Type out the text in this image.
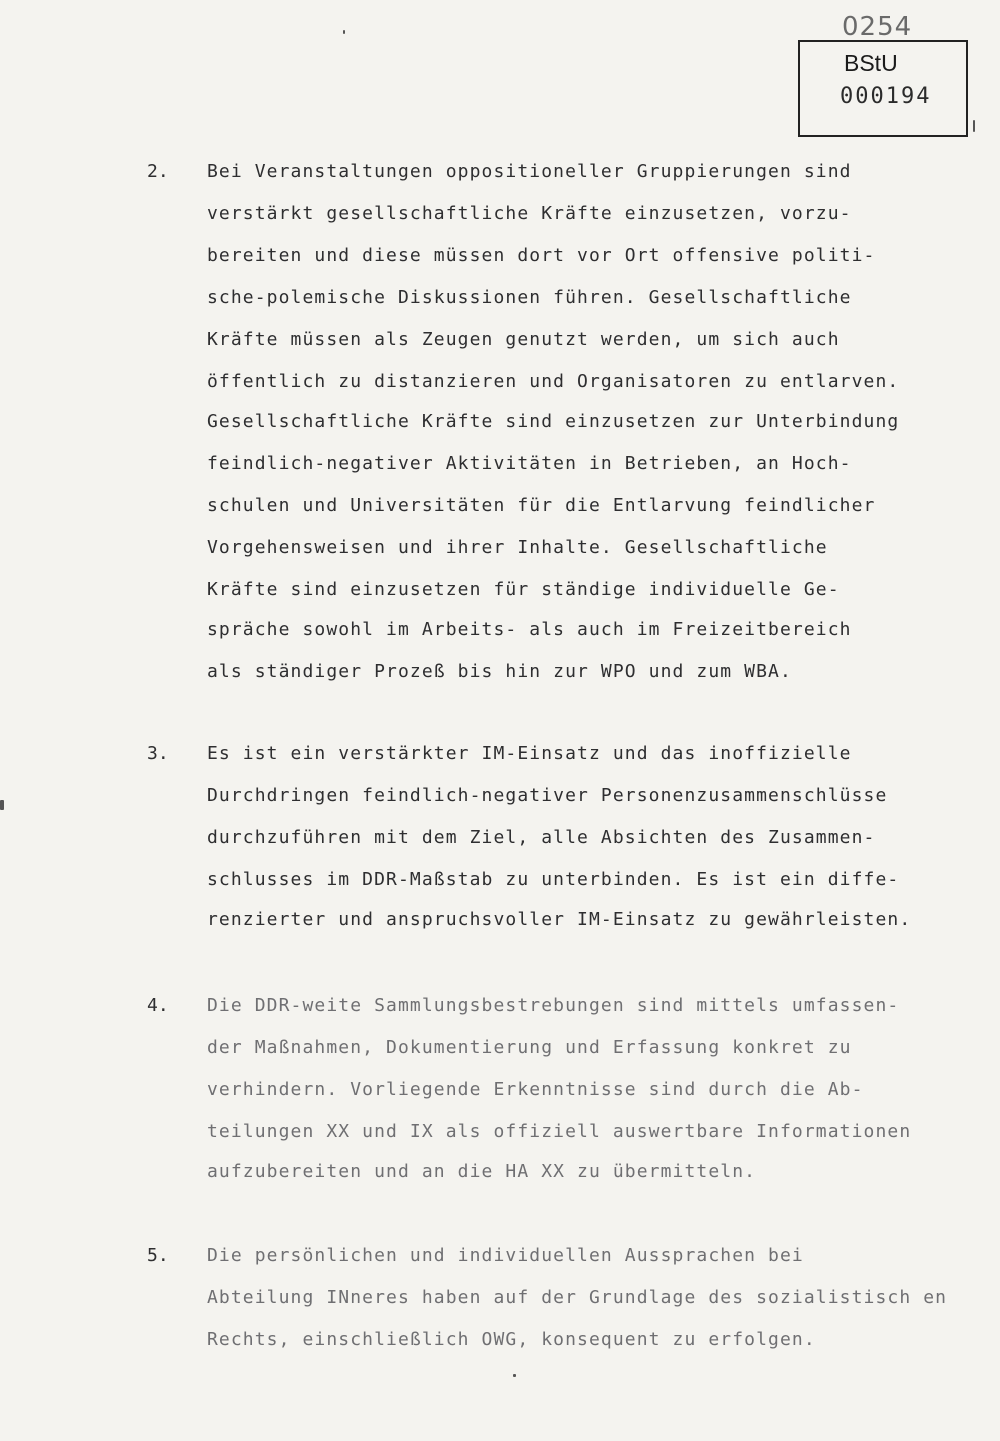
0254
BStU
000194
2. Bei Veranstaltungen oppositioneller Gruppierungen sind
verstärkt gesellschaftliche Kräfte einzusetzen, vorzu-
bereiten und diese müssen dort vor Ort offensive politi-
sche-polemische Diskussionen führen. Gesellschaftliche
Kräfte müssen als Zeugen genutzt werden, um sich auch
öffentlich zu distanzieren und Organisatoren zu entlarven.
Gesellschaftliche Kräfte sind einzusetzen zur Unterbindung
feindlich-negativer Aktivitäten in Betrieben, an Hoch-
schulen und Universitäten für die Entlarvung feindlicher
Vorgehensweisen und ihrer Inhalte. Gesellschaftliche
Kräfte sind einzusetzen für ständige individuelle Ge-
spräche sowohl im Arbeits- als auch im Freizeitbereich
als ständiger Prozeß bis hin zur WPO und zum WBA.
3. Es ist ein verstärkter IM-Einsatz und das inoffizielle
Durchdringen feindlich-negativer Personenzusammenschlüsse
durchzuführen mit dem Ziel, alle Absichten des Zusammen-
schlusses im DDR-Maßstab zu unterbinden. Es ist ein diffe-
renzierter und anspruchsvoller IM-Einsatz zu gewährleisten.
4. Die DDR-weite Sammlungsbestrebungen sind mittels umfassen-
der Maßnahmen, Dokumentierung und Erfassung konkret zu
verhindern. Vorliegende Erkenntnisse sind durch die Ab-
teilungen XX und IX als offiziell auswertbare Informationen
aufzubereiten und an die HA XX zu übermitteln.
5. Die persönlichen und individuellen Aussprachen bei
Abteilung INneres haben auf der Grundlage des sozialistisch en
Rechts, einschließlich OWG, konsequent zu erfolgen.
